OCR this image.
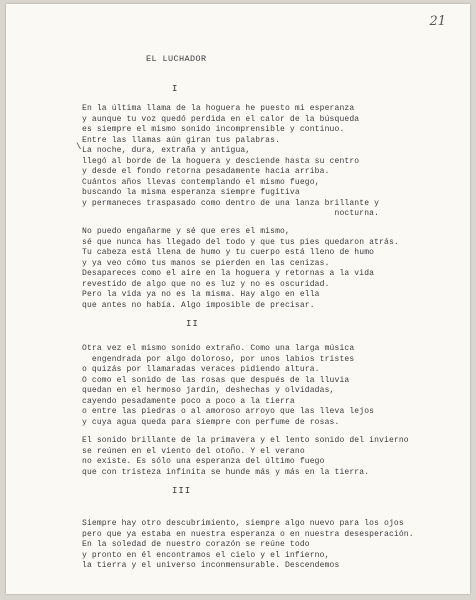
21
EL LUCHADOR
\
I
En la última llama de la hoguera he puesto mi esperanza
y aunque tu voz quedó perdida en el calor de la búsqueda
es siempre el mismo sonido incomprensible y continuo.
Entre las llamas aún giran tus palabras.
La noche, dura, extraña y antigua,
llegó al borde de la hoguera y desciende hasta su centro
y desde el fondo retorna pesadamente hacia arriba.
Cuántos años llevas contemplando el mismo fuego,
buscando la misma esperanza siempre fugitiva
y permaneces traspasado como dentro de una lanza brillante y
nocturna.
No puedo engañarme y sé que eres el mismo,
sé que nunca has llegado del todo y que tus pies quedaron atrás.
Tu cabeza está llena de humo y tu cuerpo está lleno de humo
y ya veo cómo tus manos se pierden en las cenizas.
Desapareces como el aire en la hoguera y retornas a la vida
revestido de algo que no es luz y no es oscuridad.
Pero la vida ya no es la misma. Hay algo en ella
que antes no había. Algo imposible de precisar.
II
Otra vez el mismo sonido extraño. Como una larga música
engendrada por algo doloroso, por unos labios tristes
o quizás por llamaradas veraces pidiendo altura.
O como el sonido de las rosas que después de la lluvia
quedan en el hermoso jardín, deshechas y olvidadas,
cayendo pesadamente poco a poco a la tierra
o entre las piedras o al amoroso arroyo que las lleva lejos
y cuya agua queda para siempre con perfume de rosas.
El sonido brillante de la primavera y el lento sonido del invierno
se reúnen en el viento del otoño. Y el verano
no existe. Es sólo una esperanza del último fuego
que con tristeza infinita se hunde más y más en la tierra.
III
Siempre hay otro descubrimiento, siempre algo nuevo para los ojos
pero que ya estaba en nuestra esperanza o en nuestra desesperación.
En la soledad de nuestro corazón se reúne todo
y pronto en él encontramos el cielo y el infierno,
la tierra y el universo inconmensurable. Descendemos
